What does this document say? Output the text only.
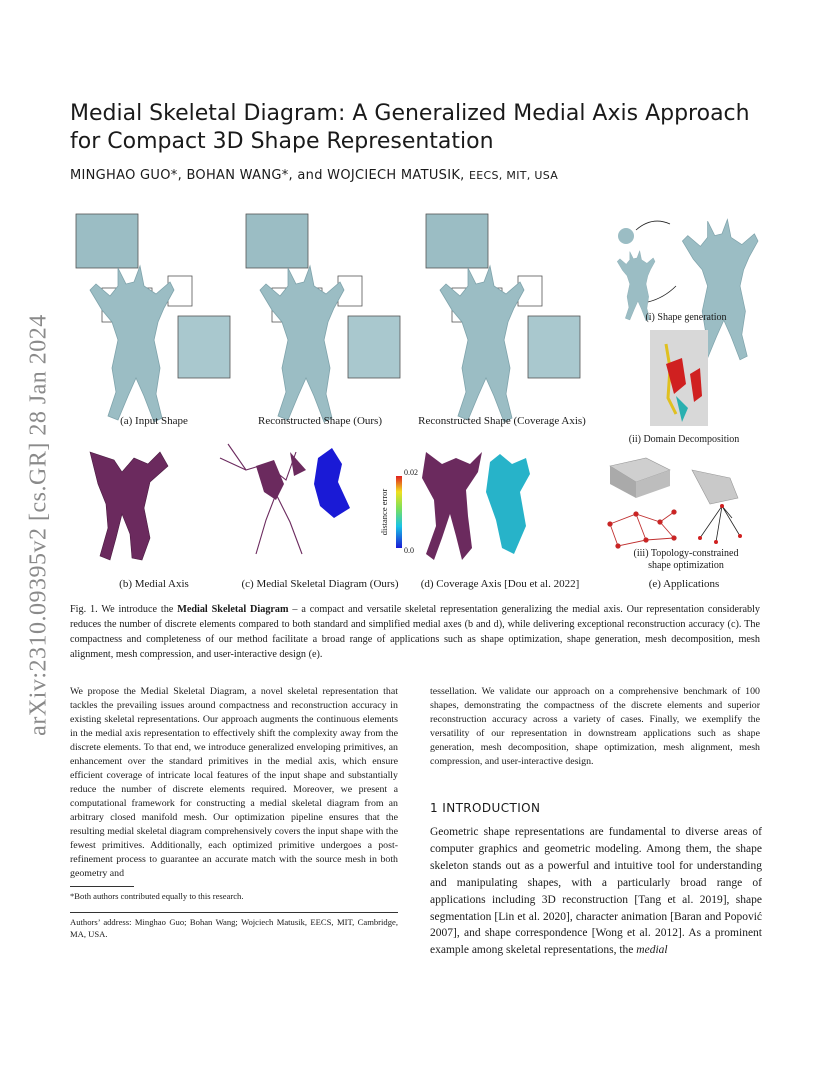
arXiv:2310.09395v2 [cs.GR] 28 Jan 2024
Medial Skeletal Diagram: A Generalized Medial Axis Approach for Compact 3D Shape Representation
MINGHAO GUO*, BOHAN WANG*, and WOJCIECH MATUSIK, EECS, MIT, USA
(a) Input Shape	Reconstructed Shape (Ours)	Reconstructed Shape (Coverage Axis)
(b) Medial Axis	(c) Medial Skeletal Diagram (Ours) (d) Coverage Axis [Dou et al. 2022]	(e) Applications
(i) Shape generation
(ii) Domain Decomposition
(iii) Topology-constrained
shape optimization
0.02
0.0
distance error
Fig. 1. We introduce the Medial Skeletal Diagram – a compact and versatile skeletal representation generalizing the medial axis. Our representation considerably reduces the number of discrete elements compared to both standard and simplified medial axes (b and d), while delivering exceptional reconstruction accuracy (c). The compactness and completeness of our method facilitate a broad range of applications such as shape optimization, shape generation, mesh decomposition, mesh alignment, mesh compression, and user-interactive design (e).
We propose the Medial Skeletal Diagram, a novel skeletal representation that tackles the prevailing issues around compactness and reconstruction accuracy in existing skeletal representations. Our approach augments the continuous elements in the medial axis representation to effectively shift the complexity away from the discrete elements. To that end, we introduce generalized enveloping primitives, an enhancement over the standard primitives in the medial axis, which ensure efficient coverage of intricate local features of the input shape and substantially reduce the number of discrete elements required. Moreover, we present a computational framework for constructing a medial skeletal diagram from an arbitrary closed manifold mesh. Our optimization pipeline ensures that the resulting medial skeletal diagram comprehensively covers the input shape with the fewest primitives. Additionally, each optimized primitive undergoes a post-refinement process to guarantee an accurate match with the source mesh in both geometry and
*Both authors contributed equally to this research.
Authors’ address: Minghao Guo; Bohan Wang; Wojciech Matusik, EECS, MIT, Cambridge, MA, USA.
tessellation. We validate our approach on a comprehensive benchmark of 100 shapes, demonstrating the compactness of the discrete elements and superior reconstruction accuracy across a variety of cases. Finally, we exemplify the versatility of our representation in downstream applications such as shape generation, mesh decomposition, shape optimization, mesh alignment, mesh compression, and user-interactive design.
1 INTRODUCTION
Geometric shape representations are fundamental to diverse areas of computer graphics and geometric modeling. Among them, the shape skeleton stands out as a powerful and intuitive tool for understanding and manipulating shapes, with a particularly broad range of applications including 3D reconstruction [Tang et al. 2019], shape segmentation [Lin et al. 2020], character animation [Baran and Popović 2007], and shape correspondence [Wong et al. 2012]. As a prominent example among skeletal representations, the medial
